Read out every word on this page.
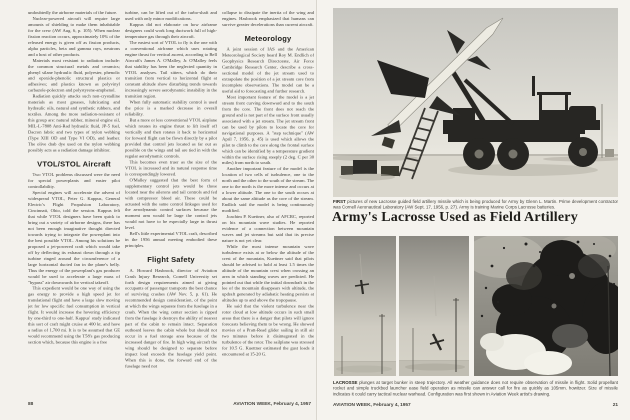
undoubtedly the airborne materials of the future.
Nuclear-powered aircraft will require large amounts of shielding to make them inhabitable for the crew (AW Aug. 6, p. 105). When nuclear fission reaction occurs, approximately 10% of the released energy is given off as fission products, alpha particles, beta and gamma rays, neutrons and a host of other products.
Materials most resistant to radiation include: the common structural metals and ceramics; phenyl silane hydraulic fluid, polyester, phenolic and epoxide-phenolic structural plastics or adhesives; and plastics known as polyvinyl carbazole-polectron and polystyrene-amphenol.
Radiation quickly attacks such non-crystalline materials as most greases, lubricating and hydraulic oils, natural and synthetic rubbers, and textiles. Among the more radiation-resistant of this group are: natural rubber, mineral engine oil, MIL-L-7808 Anti-Rad hydraulic fluid, JP-5 fuel, Dacron fabric and two types of nylon webbing (Type XIII OD and Type VI OD), and leather. The olive drab dye used on the nylon webbing possibly acts as a radiation damage inhibitor.
VTOL/STOL Aircraft
Two VTOL problems discussed were the need for special powerplants and easier pilot controllability.
Special engines will accelerate the advent of widespread VTOL, Peter G. Kappus, General Electric's Flight Propulsion Laboratory, Cincinnati, Ohio, told the session. Kappus felt that while VTOL designers have been quick to bring out a variety of airborne designs, there has not been enough imaginative thought directed towards trying to integrate the powerplant into the best possible VTOL. Among his solutions he proposed a jet-powered craft which would take off by deflecting its exhaust down through a tip turbine ringed around the circumference of a large horizontal ducted fan in the plane's belly. Thus the energy of the powerplant's gas producer would be used to accelerate a large mass of "bypass" air downwards for vertical takeoff.
This expedient would be one way of using the gas energy to provide a high speed jet for translational flight and have a large slow moving jet for low specific fuel consumption in vertical flight. It would increase the hovering efficiency by one-third to one-half. Kappus' study indicated this sort of craft might cruise at 400 kt. and have a radius of 1,700 mi. It is to be assumed that GE would recommend using the T58's gas producing section which, because this engine is a free
turbine, can be lifted out of the turbo-shaft and used with only minor modifications.
Kappus did not elaborate on how airframe designers could work long ductwork full of high-temperature gas through their aircraft.
The easiest sort of VTOL to fly is the one with a conventional airframe which uses rotating engine thrust for vertical ascent, according to Bell Aircraft's James A. O'Malley, Jr. O'Malley feels that stability has been the neglected quantity in VTOL analyses. Tail sitters, which do their transition from vertical to horizontal flight at constant altitude show disturbing trends towards increasingly severe aerodynamic instability in the transition region.
When fully automatic stability control is used the price is a marked decrease in overall reliability.
But a more or less conventional VTOL airplane which rotates its engine thrust to lift itself off vertically and then rotates it back to horizontal for forward flight can be flown directly by a pilot provided that control jets located as far out as possible on the wings and tail are tied in with the regular aerodynamic controls.
This becomes even truer as the size of the VTOL is increased and its natural response time is correspondingly lowered.
O'Malley suggested that the best form of supplementary control jets would be those located near the ailerons and tail controls and fed with compressor bleed air. These could be actuated with the same control linkages used for the aerodynamic control surfaces because the moment arm would be large the control jets would not have to be especially large in thrust level.
Bell's little experimental VTOL craft, described in the 1956 annual meeting embodied these principles.
Flight Safety
A. Howard Hasbrook, director of Aviation Crash Injury Research, Cornell University set forth design requirements aimed at giving occupants of passenger transports the best chance of surviving crashes (AW Nov. 5, p. 61). He recommended design consideration, of the point at which the wings separate from the fuselage in a crash. When the wing center section is ripped from the fuselage it destroys the ability of nearest part of the cabin to remain intact. Separation outboard leaves the cabin whole but should not occur in a fuel storage area because of the increased danger of fire. In high wing aircraft the wing should be designed to separate before impact load exceeds the fuselage yield point. When this is done, the forward end of the fuselage need not
collapse to dissipate the inertia of the wing and engines. Hasbrook emphasized that humans can survive greater decelerations than current aircraft.
Meteorology
A joint session of IAS and the American Meteorological Society heard Roy M. Endlich of Geophysics Research Directorate, Air Force Cambridge Research Center, describe a cross-sectional model of the jet stream used to extrapolate the position of a jet stream core from incomplete observations. The model can be a useful aid to forecasting and further research.
Most important feature of the model is a jet stream front curving downward and to the south from the core. The front does not reach the ground and is not part of the surface front usually associated with a jet stream. The jet stream front can be used by pilots to locate the core for navigational purposes. A "step technique" (AW April 7, 1956, p. 45) is used which allows the pilot to climb to the core along the frontal surface which can be identified by a temperature gradient within the surface rising steeply (2 deg. C per 30 miles) from north to south.
Another important feature of the model is the location of two cells of turbulence, one to the north and the other to the south of the stream. The one to the north is the more intense and occurs at a lower altitude. The one to the south occurs at about the same altitude as the core of the stream. Endlich said the model is being continuously modified.
Joachim P. Kuettner, also of AFCRC, reported on his mountain wave studies. He reported evidence of a connection between mountain waves and jet streams but said that its precise nature is not yet clear.
While the most intense mountain wave turbulence exists at or below the altitude of the crest of the mountain, Kuettner said that pilots should be advised to hold at least 1.5 times the altitude of the mountain crest when crossing an area in which standing waves are predicted. He pointed out that while the initial downdraft in the lee of the mountain disappears with altitude, the updraft generated by adiabatic heating persists at altitudes up to and above the tropopause.
He said that the violent turbulence near the rotor cloud at low altitude occurs in such small areas that there is a danger that pilots will ignore forecasts believing them to be wrong. He showed movies of a Pratt-Read glider sailing in still air two minutes before it disintegrated in the turbulence of the rotor. The sailplane was stressed for 10.5 G. Kuettner estimated the gust loads it encountered at 15-20 G.
88	AVIATION WEEK, February 4, 1957
FIRST pictures of new Lacrosse guided field artillery missile which is being produced for Army by Glenn L. Martin. Prime development contractor was Cornell Aeronautical Laboratory (AW Sept. 17, 1956, p. 27). Army is training Marine Corps Lacrosse batteries.
Army's Lacrosse Used as Field Artillery
LACROSSE plunges at target bunker in steep trajectory. All weather guidance does not require observation of missile in flight. Solid propellant rocket and simple truckbed launcher ease field operation as missile can answer call for fire as quickly as 105mm. howitzer. Size of missile indicates it could carry tactical nuclear warhead. Configuration was first shown in Aviation Week artist's drawing.
AVIATION WEEK, February 4, 1957	21
